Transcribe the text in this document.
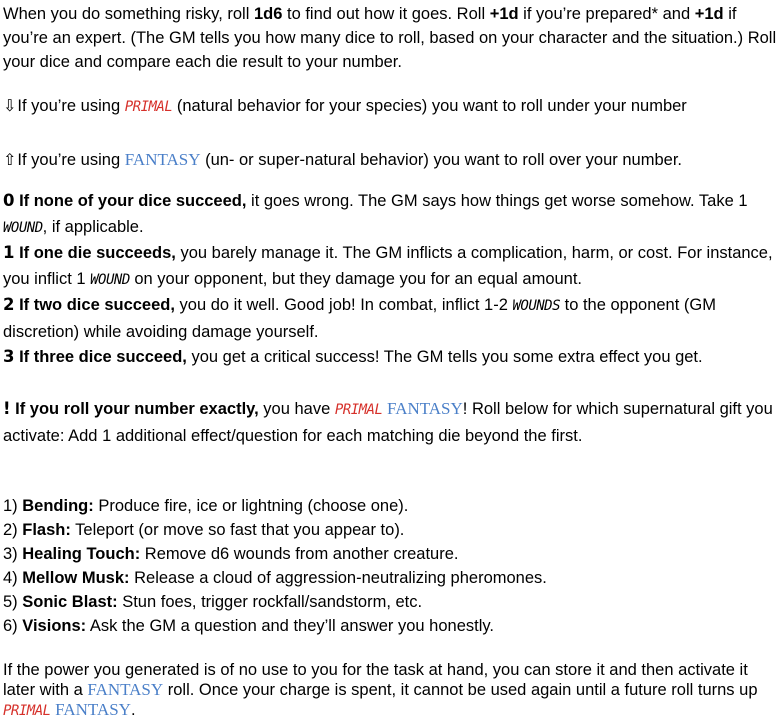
When you do something risky, roll 1d6 to find out how it goes. Roll +1d if you’re prepared* and +1d if you’re an expert. (The GM tells you how many dice to roll, based on your character and the situation.) Roll your dice and compare each die result to your number.

⇩If you’re using PRIMAL (natural behavior for your species) you want to roll under your number

⇧If you’re using FANTASY (un- or super-natural behavior) you want to roll over your number.

0 If none of your dice succeed, it goes wrong. The GM says how things get worse somehow. Take 1 WOUND, if applicable.

1 If one die succeeds, you barely manage it. The GM inflicts a complication, harm, or cost. For instance, you inflict 1 WOUND on your opponent, but they damage you for an equal amount.

2 If two dice succeed, you do it well. Good job! In combat, inflict 1-2 WOUNDS to the opponent (GM discretion) while avoiding damage yourself.

3 If three dice succeed, you get a critical success! The GM tells you some extra effect you get.

! If you roll your number exactly, you have PRIMAL FANTASY! Roll below for which supernatural gift you activate: Add 1 additional effect/question for each matching die beyond the first.

1) Bending: Produce fire, ice or lightning (choose one).

2) Flash: Teleport (or move so fast that you appear to).

3) Healing Touch: Remove d6 wounds from another creature.

4) Mellow Musk: Release a cloud of aggression-neutralizing pheromones.

5) Sonic Blast: Stun foes, trigger rockfall/sandstorm, etc.

6) Visions: Ask the GM a question and they’ll answer you honestly.

If the power you generated is of no use to you for the task at hand, you can store it and then activate it later with a FANTASY roll. Once your charge is spent, it cannot be used again until a future roll turns up PRIMAL FANTASY.
